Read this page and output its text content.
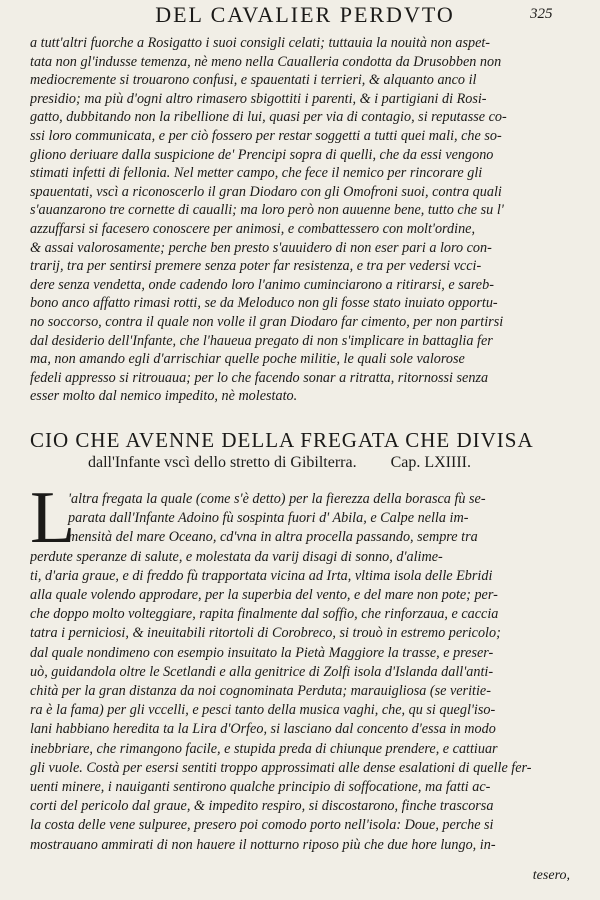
DEL CAVALIER PERDVTO	325
a tutt'altri fuorche a Rosigatto i suoi consigli celati; tuttauia la nouità non aspet-
tata non gl'indusse temenza, nè meno nella Caualleria condotta da Drusobben non
mediocremente si trouarono confusi, e spauentati i terrieri, & alquanto anco il
presidio; ma più d'ogni altro rimasero sbigottiti i parenti, & i partigiani di Rosi-
gatto, dubbitando non la ribellione di lui, quasi per via di contagio, si reputasse co-
ssi loro communicata, e per ciò fossero per restar soggetti a tutti quei mali, che so-
gliono deriuare dalla suspicione de' Prencipi sopra di quelli, che da essi vengono
stimati infetti di fellonia. Nel metter campo, che fece il nemico per rincorare gli
spauentati, vscì a riconoscerlo il gran Diodaro con gli Omofroni suoi, contra quali
s'auanzarono tre cornette di caualli; ma loro però non auuenne bene, tutto che su l'
azzuffarsi si facesero conoscere per animosi, e combattessero con molt'ordine,
& assai valorosamente; perche ben presto s'auuidero di non eser pari a loro con-
trarij, tra per sentirsi premere senza poter far resistenza, e tra per vedersi vcci-
dere senza vendetta, onde cadendo loro l'animo cuminciarono a ritirarsi, e sareb-
bono anco affatto rimasi rotti, se da Meloduco non gli fosse stato inuiato opportu-
no soccorso, contra il quale non volle il gran Diodaro far cimento, per non partirsi
dal desiderio dell'Infante, che l'haueua pregato di non s'implicare in battaglia fer
ma, non amando egli d'arrischiar quelle poche militie, le quali sole valorose
fedeli appresso si ritrouaua; per lo che facendo sonar a ritratta, ritornossi senza
esser molto dal nemico impedito, nè molestato.
CIO CHE AVENNE DELLA FREGATA CHE DIVISA
dall'Infante vscì dello stretto di Gibilterra. Cap. LXIIII.
L
'altra fregata la quale (come s'è detto) per la fierezza della borasca fù se-
parata dall'Infante Adoino fù sospinta fuori d' Abila, e Calpe nella im-
mensità del mare Oceano, cd'vna in altra procella passando, sempre tra
perdute speranze di salute, e molestata da varij disagi di sonno, d'alime-
ti, d'aria graue, e di freddo fù trapportata vicina ad Irta, vltima isola delle Ebridi
alla quale volendo approdare, per la superbia del vento, e del mare non pote; per-
che doppo molto volteggiare, rapita finalmente dal soffio, che rinforzaua, e caccia
tatra i perniciosi, & ineuitabili ritortoli di Corobreco, si trouò in estremo pericolo;
dal quale nondimeno con esempio insuitato la Pietà Maggiore la trasse, e preser-
uò, guidandola oltre le Scetlandi e alla genitrice di Zolfi isola d'Islanda dall'anti-
chità per la gran distanza da noi cognominata Perduta; marauigliosa (se veritie-
ra è la fama) per gli vccelli, e pesci tanto della musica vaghi, che, qu si quegl'iso-
lani habbiano heredita ta la Lira d'Orfeo, si lasciano dal concento d'essa in modo
inebbriare, che rimangono facile, e stupida preda di chiunque prendere, e cattiuar
gli vuole. Costà per esersi sentiti troppo approssimati alle dense esalationi di quelle fer-
uenti minere, i nauiganti sentirono qualche principio di soffocatione, ma fatti ac-
corti del pericolo dal graue, & impedito respiro, si discostarono, finche trascorsa
la costa delle vene sulpuree, presero poi comodo porto nell'isola: Doue, perche si
mostrauano ammirati di non hauere il notturno riposo più che due hore lungo, in-
tesero,
